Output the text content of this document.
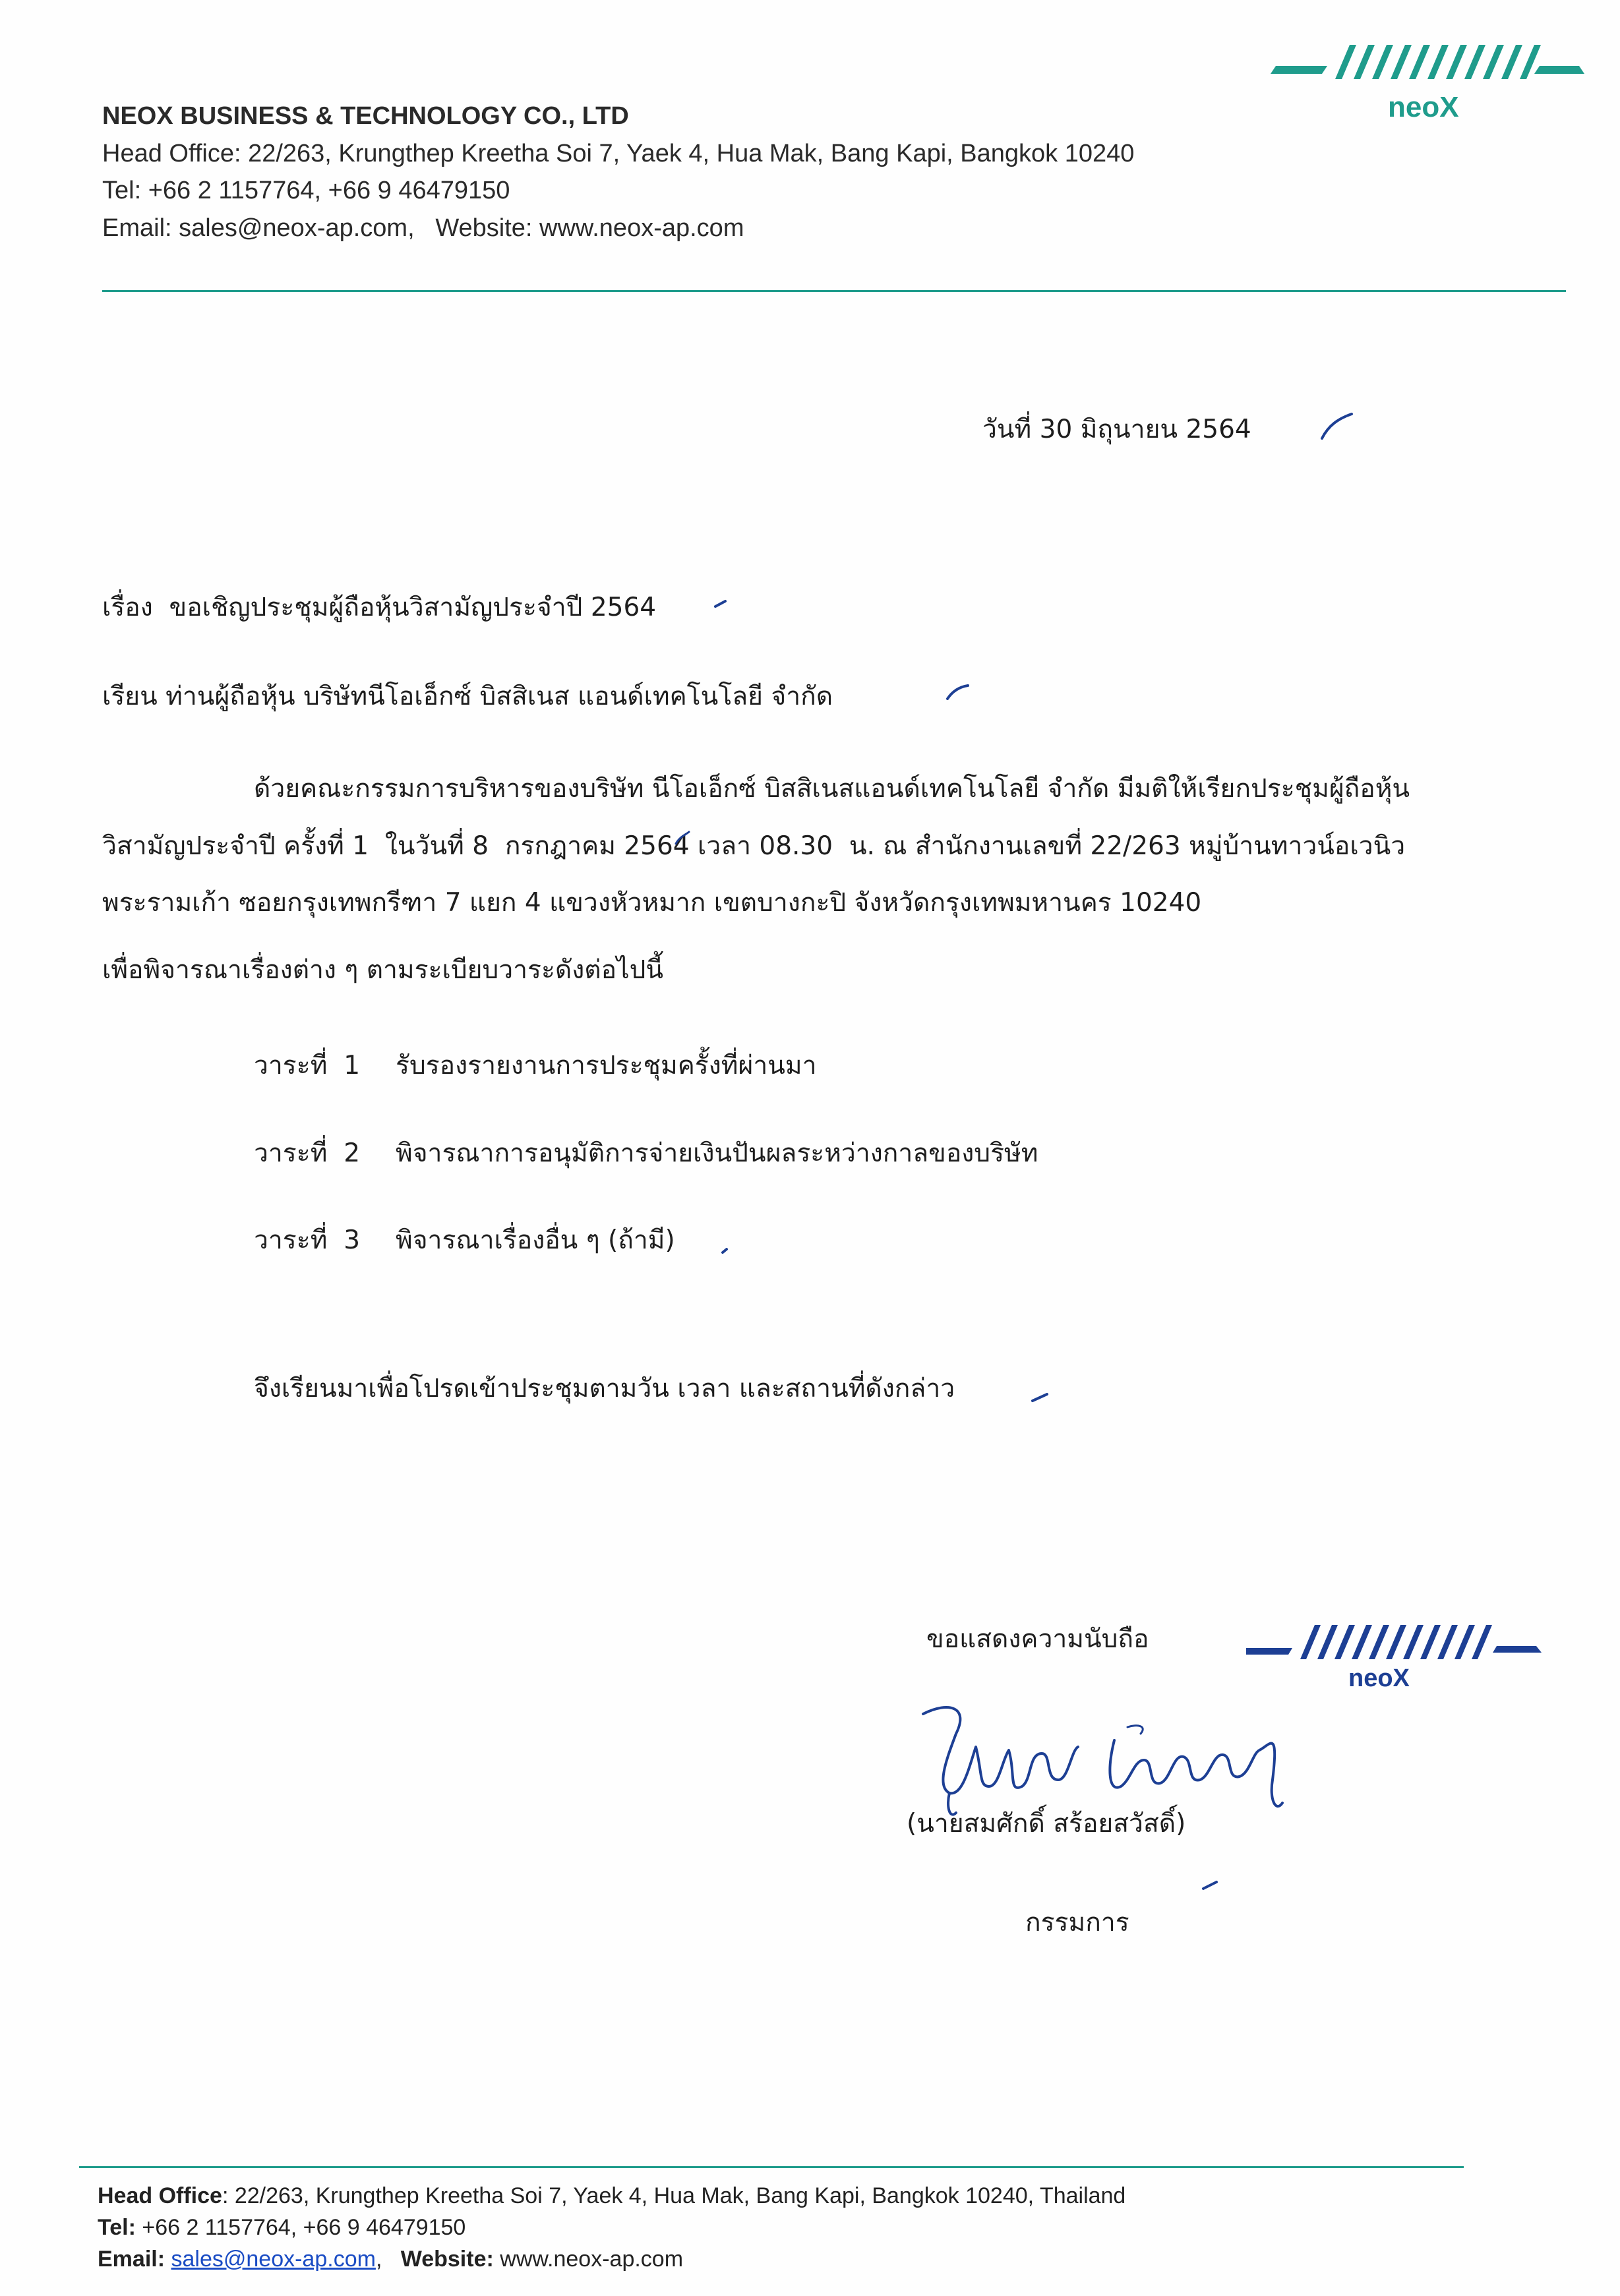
NEOX BUSINESS & TECHNOLOGY CO., LTD
Head Office: 22/263, Krungthep Kreetha Soi 7, Yaek 4, Hua Mak, Bang Kapi, Bangkok 10240
Tel: +66 2 1157764, +66 9 46479150
Email: sales@neox-ap.com,   Website: www.neox-ap.com
neoX
วันที่ 30 มิถุนายน 2564
เรื่อง  ขอเชิญประชุมผู้ถือหุ้นวิสามัญประจำปี 2564
เรียน ท่านผู้ถือหุ้น บริษัทนีโอเอ็กซ์ บิสสิเนส แอนด์เทคโนโลยี จำกัด
ด้วยคณะกรรมการบริหารของบริษัท นีโอเอ็กซ์ บิสสิเนสแอนด์เทคโนโลยี จำกัด มีมติให้เรียกประชุมผู้ถือหุ้น
วิสามัญประจำปี ครั้งที่ 1  ในวันที่ 8  กรกฎาคม 2564 เวลา 08.30  น. ณ สำนักงานเลขที่ 22/263 หมู่บ้านทาวน์อเวนิว
พระรามเก้า ซอยกรุงเทพกรีฑา 7 แยก 4 แขวงหัวหมาก เขตบางกะปิ จังหวัดกรุงเทพมหานคร 10240
เพื่อพิจารณาเรื่องต่าง ๆ ตามระเบียบวาระดังต่อไปนี้
วาระที่  1 รับรองรายงานการประชุมครั้งที่ผ่านมา
วาระที่  2 พิจารณาการอนุมัติการจ่ายเงินปันผลระหว่างกาลของบริษัท
วาระที่  3 พิจารณาเรื่องอื่น ๆ (ถ้ามี)
จึงเรียนมาเพื่อโปรดเข้าประชุมตามวัน เวลา และสถานที่ดังกล่าว
ขอแสดงความนับถือ
neoX
(นายสมศักดิ์ สร้อยสวัสดิ์)
กรรมการ
Head Office: 22/263, Krungthep Kreetha Soi 7, Yaek 4, Hua Mak, Bang Kapi, Bangkok 10240, Thailand
Tel: +66 2 1157764, +66 9 46479150
Email: sales@neox-ap.com,   Website: www.neox-ap.com
